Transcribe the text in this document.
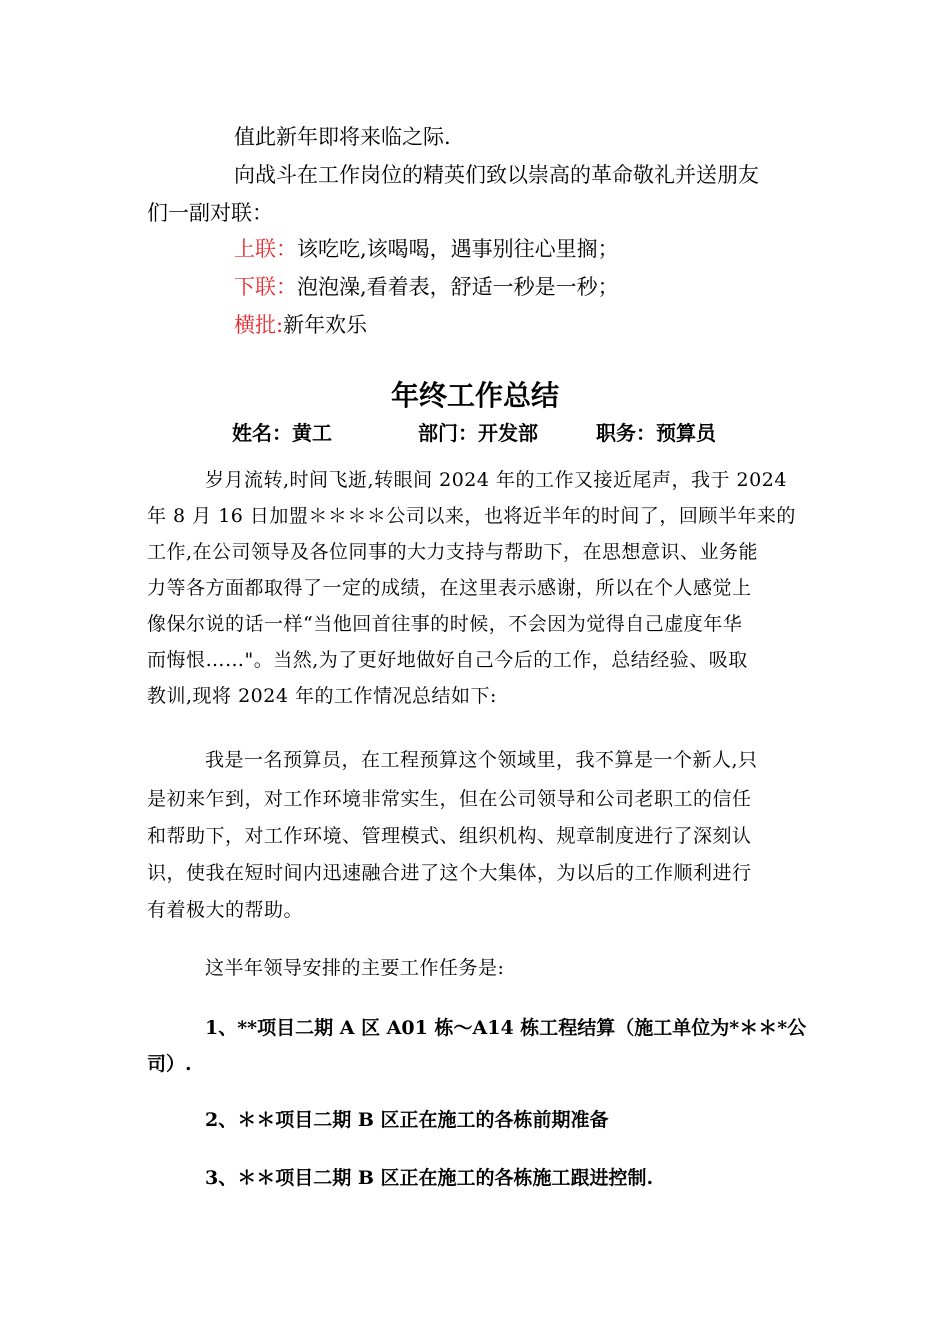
值此新年即将来临之际.
向战斗在工作岗位的精英们致以崇高的革命敬礼并送朋友
们一副对联：
上联：该吃吃,该喝喝，遇事别往心里搁；
下联：泡泡澡,看着表，舒适一秒是一秒；
横批:新年欢乐
年终工作总结
姓名：黄工	部门：开发部	职务：预算员
岁月流转,时间飞逝,转眼间 2024 年的工作又接近尾声，我于 2024
年 8 月 16 日加盟＊＊＊＊公司以来，也将近半年的时间了，回顾半年来的
工作,在公司领导及各位同事的大力支持与帮助下，在思想意识、业务能
力等各方面都取得了一定的成绩，在这里表示感谢，所以在个人感觉上
像保尔说的话一样“当他回首往事的时候，不会因为觉得自己虚度年华
而悔恨……"。当然,为了更好地做好自己今后的工作，总结经验、吸取
教训,现将 2024 年的工作情况总结如下:
我是一名预算员，在工程预算这个领域里，我不算是一个新人,只
是初来乍到，对工作环境非常实生，但在公司领导和公司老职工的信任
和帮助下，对工作环境、管理模式、组织机构、规章制度进行了深刻认
识，使我在短时间内迅速融合进了这个大集体，为以后的工作顺利进行
有着极大的帮助。
这半年领导安排的主要工作任务是:
1、**项目二期 A 区 A01 栋～A14 栋工程结算（施工单位为*＊＊*公
司）.
2、＊＊项目二期 B 区正在施工的各栋前期准备
3、＊＊项目二期 B 区正在施工的各栋施工跟进控制.
